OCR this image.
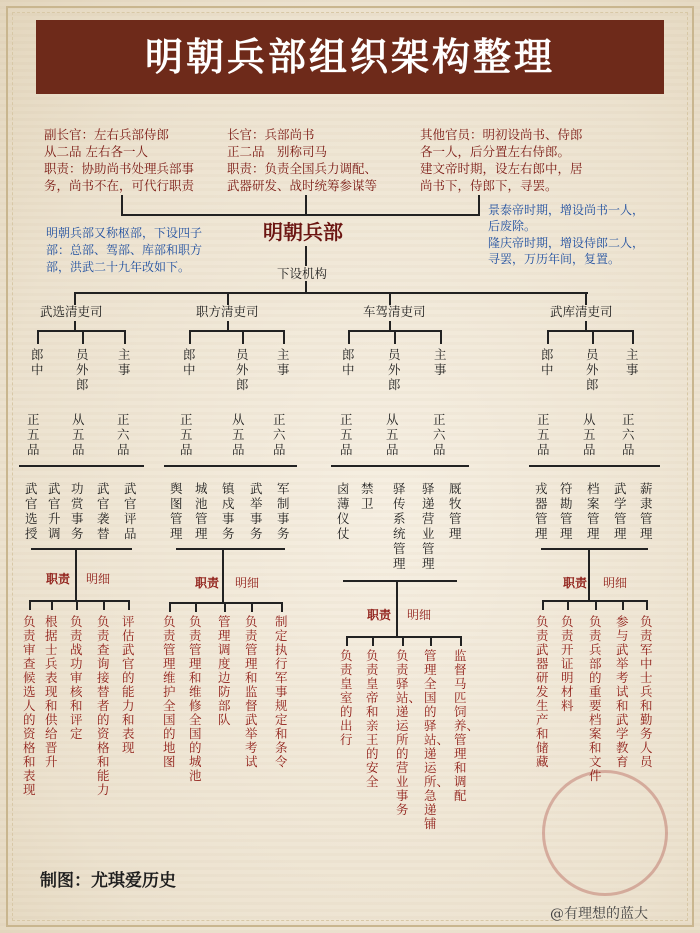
明朝兵部组织架构整理
副长官：左右兵部侍郎
从二品 左右各一人
职责：协助尚书处理兵部事
务，尚书不在，可代行职责
长官：兵部尚书
正二品　别称司马
职责：负责全国兵力调配、
武器研发、战时统筹参谋等
其他官员：明初设尚书、侍郎
各一人，后分置左右侍郎。
建文帝时期，设左右郎中，居
尚书下，侍郎下，寻罢。
明朝兵部
明朝兵部又称枢部，下设四子
部：总部、驾部、库部和职方
部，洪武二十九年改如下。
景泰帝时期，增设尚书一人，
后废除。
隆庆帝时期，增设侍郎二人，
寻罢，万历年间，复置。
下设机构
武选清吏司
郎中
员外郎
主事
正五品
从五品
正六品
武官选授
武官升调
功赏事务
武官袭替
武官评品
职责 明细
负责审查候选人的资格和表现
根据士兵表现和供给晋升
负责战功审核和评定
负责查询接替者的资格和能力
评估武官的能力和表现
职方清吏司
郎中
员外郎
主事
正五品
从五品
正六品
舆图管理
城池管理
镇戍事务
武举事务
军制事务
职责 明细
负责管理维护全国的地图
负责管理和维修全国的城池
管理调度边防部队
负责管理和监督武举考试
制定执行军事规定和条令
车驾清吏司
郎中
员外郎
主事
正五品
从五品
正六品
卤薄仪仗
禁卫
驿传系统管理
驿递营业管理
厩牧管理
职责 明细
负责皇室的出行
负责皇帝和亲王的安全
负责驿站、递运所的营业事务
管理全国的驿站、递运所、急递铺
监督马匹饲养、管理和调配
武库清吏司
郎中
员外郎
主事
正五品
从五品
正六品
戎器管理
符勘管理
档案管理
武学管理
薪隶管理
职责 明细
负责武器研发生产和储藏
负责开证明材料
负责兵部的重要档案和文件
参与武举考试和武学教育
负责军中士兵和勤务人员
制图：尤琪爱历史
@有理想的蓝大
